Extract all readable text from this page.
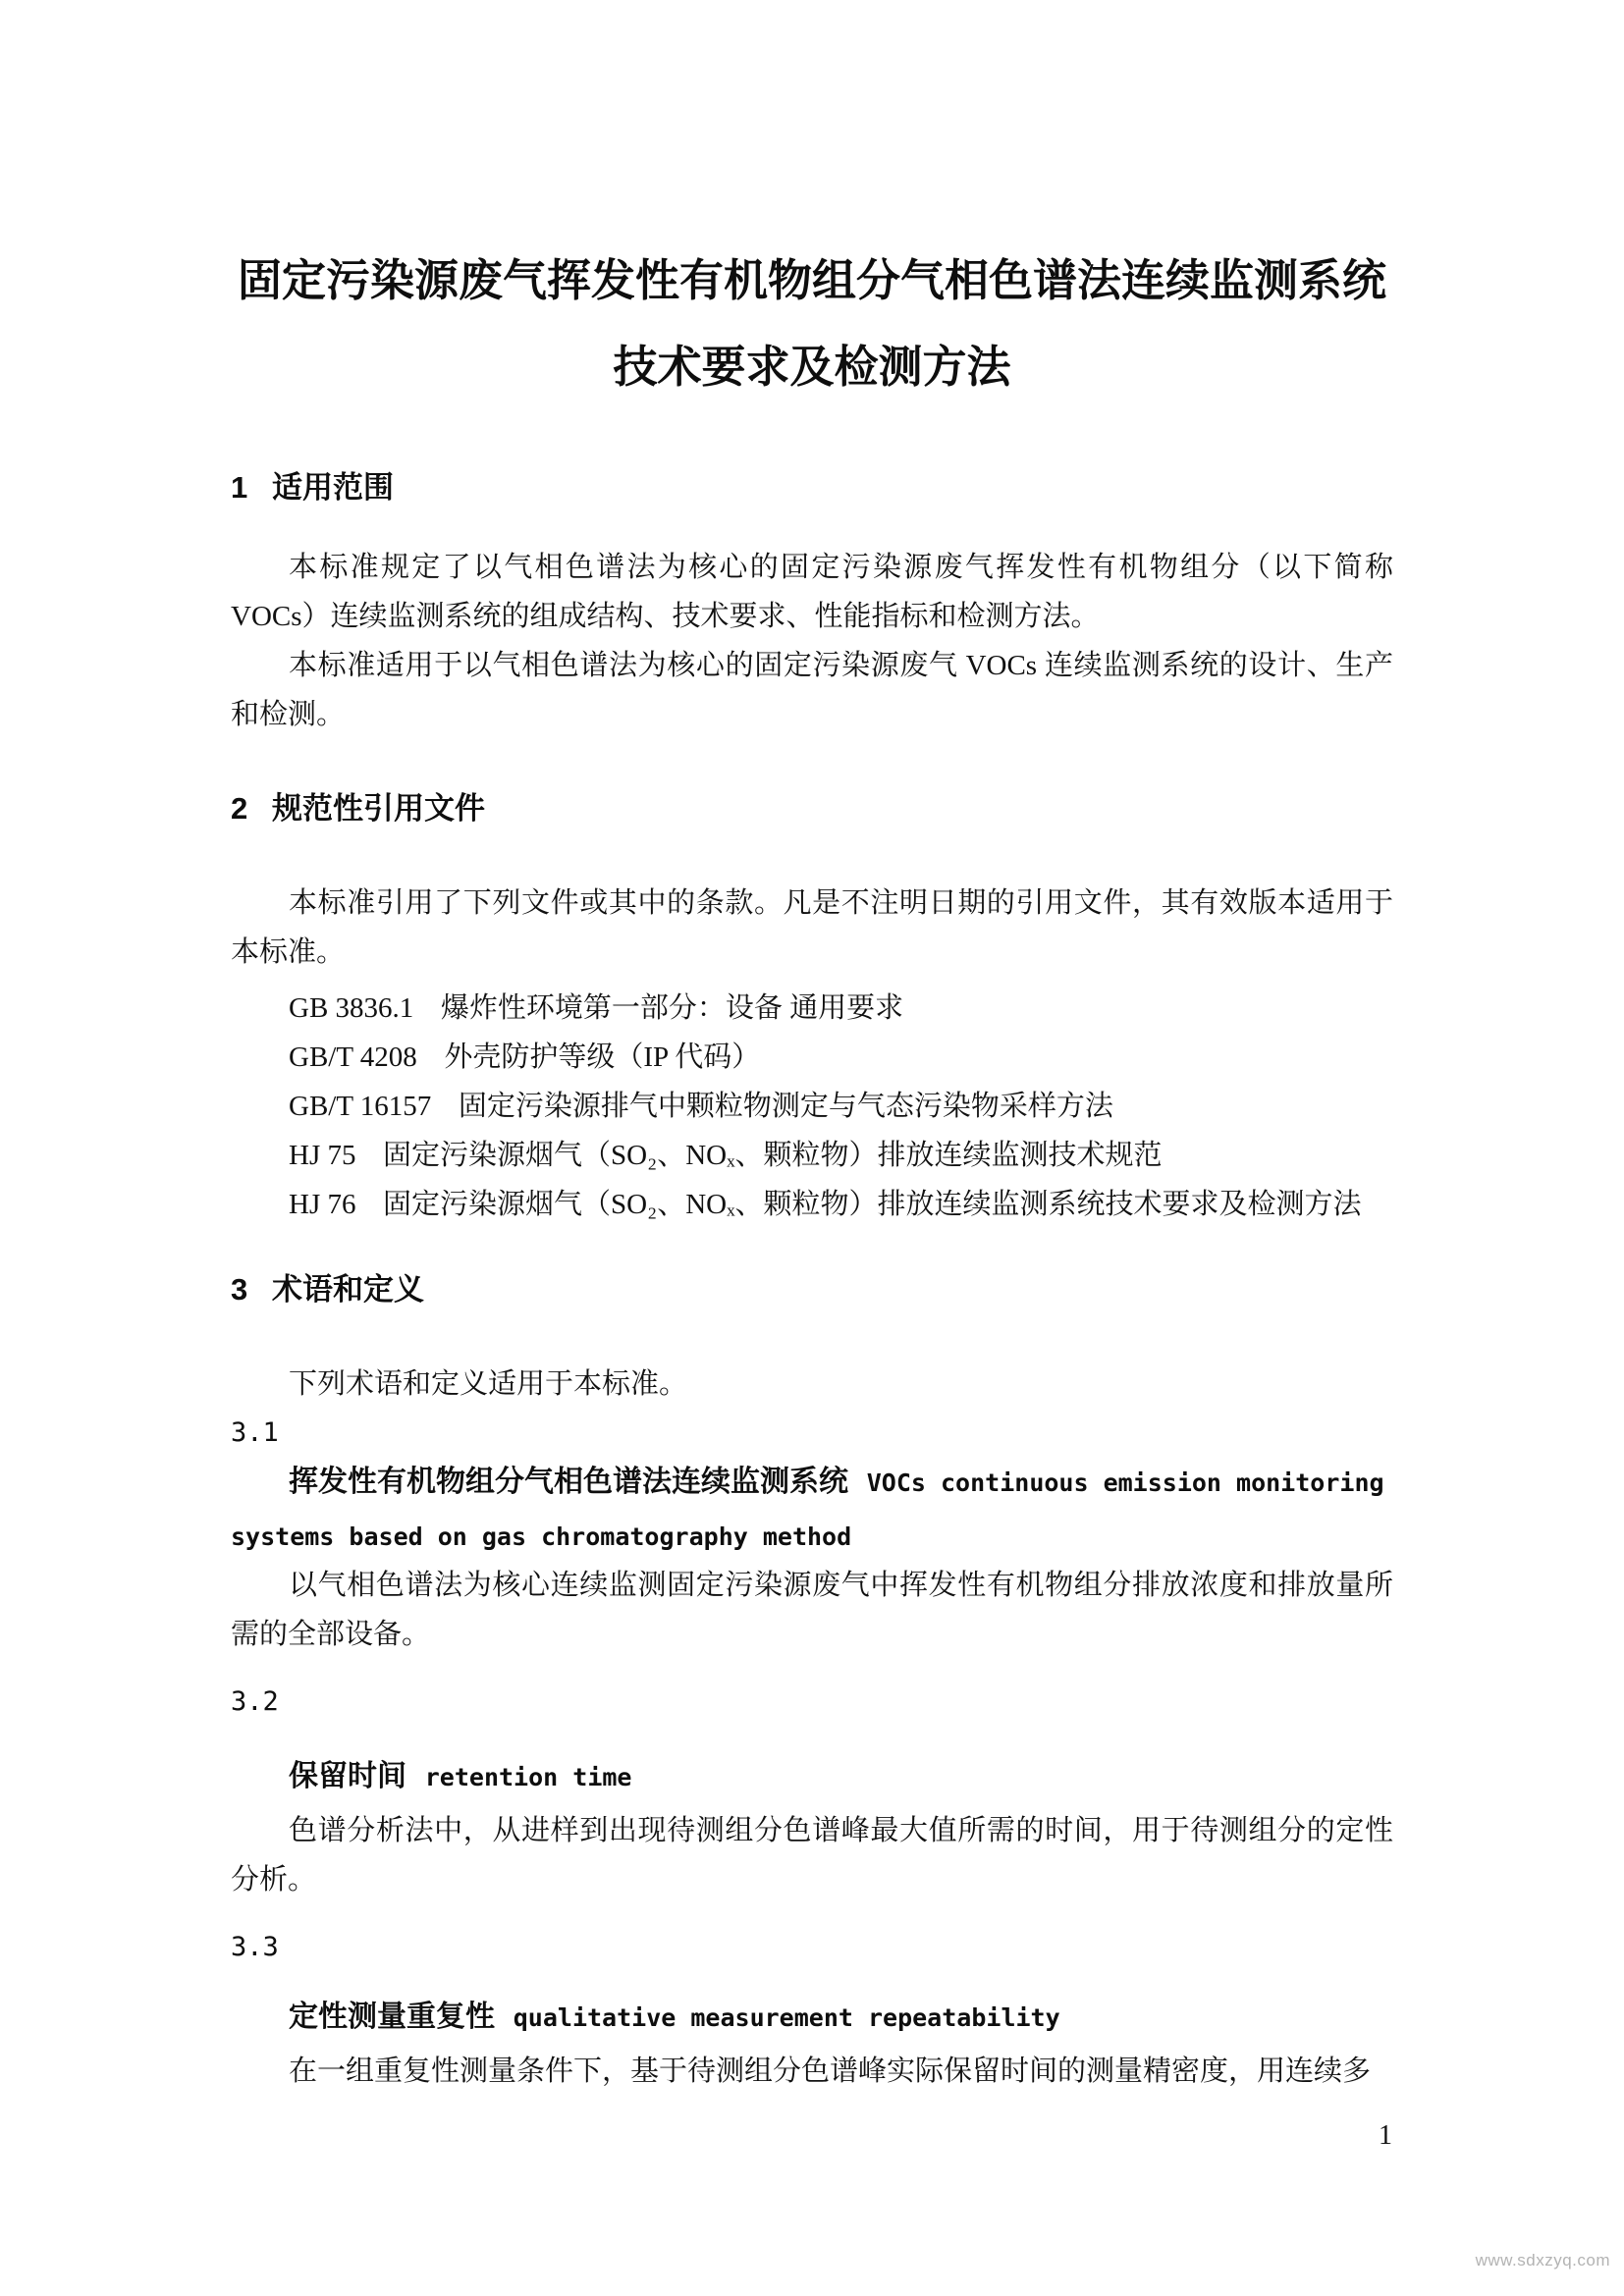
固定污染源废气挥发性有机物组分气相色谱法连续监测系统
技术要求及检测方法
1 适用范围

本标准规定了以气相色谱法为核心的固定污染源废气挥发性有机物组分（以下简称VOCs）连续监测系统的组成结构、技术要求、性能指标和检测方法。

本标准适用于以气相色谱法为核心的固定污染源废气 VOCs 连续监测系统的设计、生产和检测。

2 规范性引用文件

本标准引用了下列文件或其中的条款。凡是不注明日期的引用文件，其有效版本适用于本标准。

GB 3836.1 爆炸性环境第一部分：设备 通用要求

GB/T 4208 外壳防护等级（IP 代码）

GB/T 16157 固定污染源排气中颗粒物测定与气态污染物采样方法

HJ 75 固定污染源烟气（SO₂、NOₓ、颗粒物）排放连续监测技术规范

HJ 76 固定污染源烟气（SO₂、NOₓ、颗粒物）排放连续监测系统技术要求及检测方法

3 术语和定义

下列术语和定义适用于本标准。

3.1

挥发性有机物组分气相色谱法连续监测系统 VOCs continuous emission monitoring

systems based on gas chromatography method

以气相色谱法为核心连续监测固定污染源废气中挥发性有机物组分排放浓度和排放量所需的全部设备。

3.2

保留时间 retention time

色谱分析法中，从进样到出现待测组分色谱峰最大值所需的时间，用于待测组分的定性分析。

3.3

定性测量重复性 qualitative measurement repeatability

在一组重复性测量条件下，基于待测组分色谱峰实际保留时间的测量精密度，用连续多

1
www.sdxzyq.com
